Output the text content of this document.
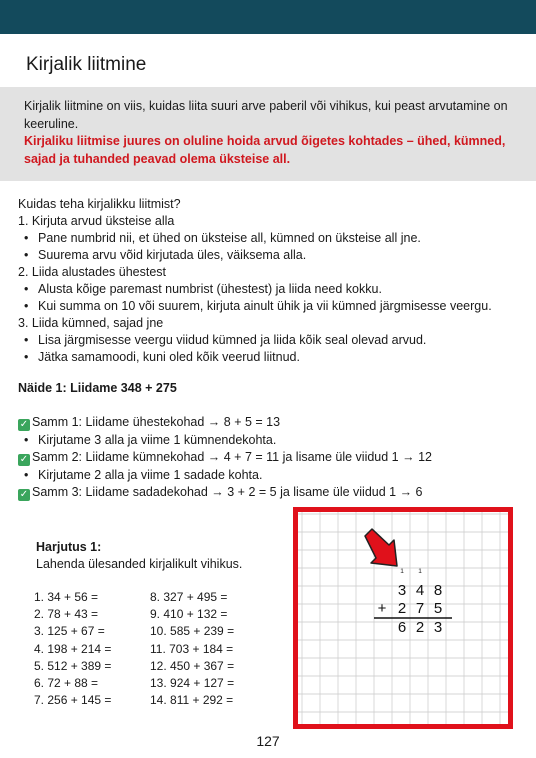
Kirjalik liitmine
Kirjalik liitmine on viis, kuidas liita suuri arve paberil või vihikus, kui peast arvutamine on keeruline.
Kirjaliku liitmise juures on oluline hoida arvud õigetes kohtades – ühed, kümned, sajad ja tuhanded peavad olema üksteise all.
Kuidas teha kirjalikku liitmist?
1. Kirjuta arvud üksteise alla
• Pane numbrid nii, et ühed on üksteise all, kümned on üksteise all jne.
• Suurema arvu võid kirjutada üles, väiksema alla.
2. Liida alustades ühestest
• Alusta kõige paremast numbrist (ühestest) ja liida need kokku.
• Kui summa on 10 või suurem, kirjuta ainult ühik ja vii kümned järgmisesse veergu.
3. Liida kümned, sajad jne
• Lisa järgmisesse veergu viidud kümned ja liida kõik seal olevad arvud.
• Jätka samamoodi, kuni oled kõik veerud liitnud.
Näide 1: Liidame 348 + 275
✓ Samm 1: Liidame ühestekohad → 8 + 5 = 13
• Kirjutame 3 alla ja viime 1 kümnendekohta.
✓ Samm 2: Liidame kümnekohad → 4 + 7 = 11 ja lisame üle viidud 1 → 12
• Kirjutame 2 alla ja viime 1 sadade kohta.
✓ Samm 3: Liidame sadadekohad → 3 + 2 = 5 ja lisame üle viidud 1 → 6
Harjutus 1:
Lahenda ülesanded kirjalikult vihikus.
1. 34 + 56 =
2. 78 + 43 =
3. 125 + 67 =
4. 198 + 214 =
5. 512 + 389 =
6. 72 + 88 =
7. 256 + 145 =
8. 327 + 495 =
9. 410 + 132 =
10. 585 + 239 =
11. 703 + 184 =
12. 450 + 367 =
13. 924 + 127 =
14. 811 + 292 =
1 1
3 4 8
+ 2 7 5
6 2 3
127
